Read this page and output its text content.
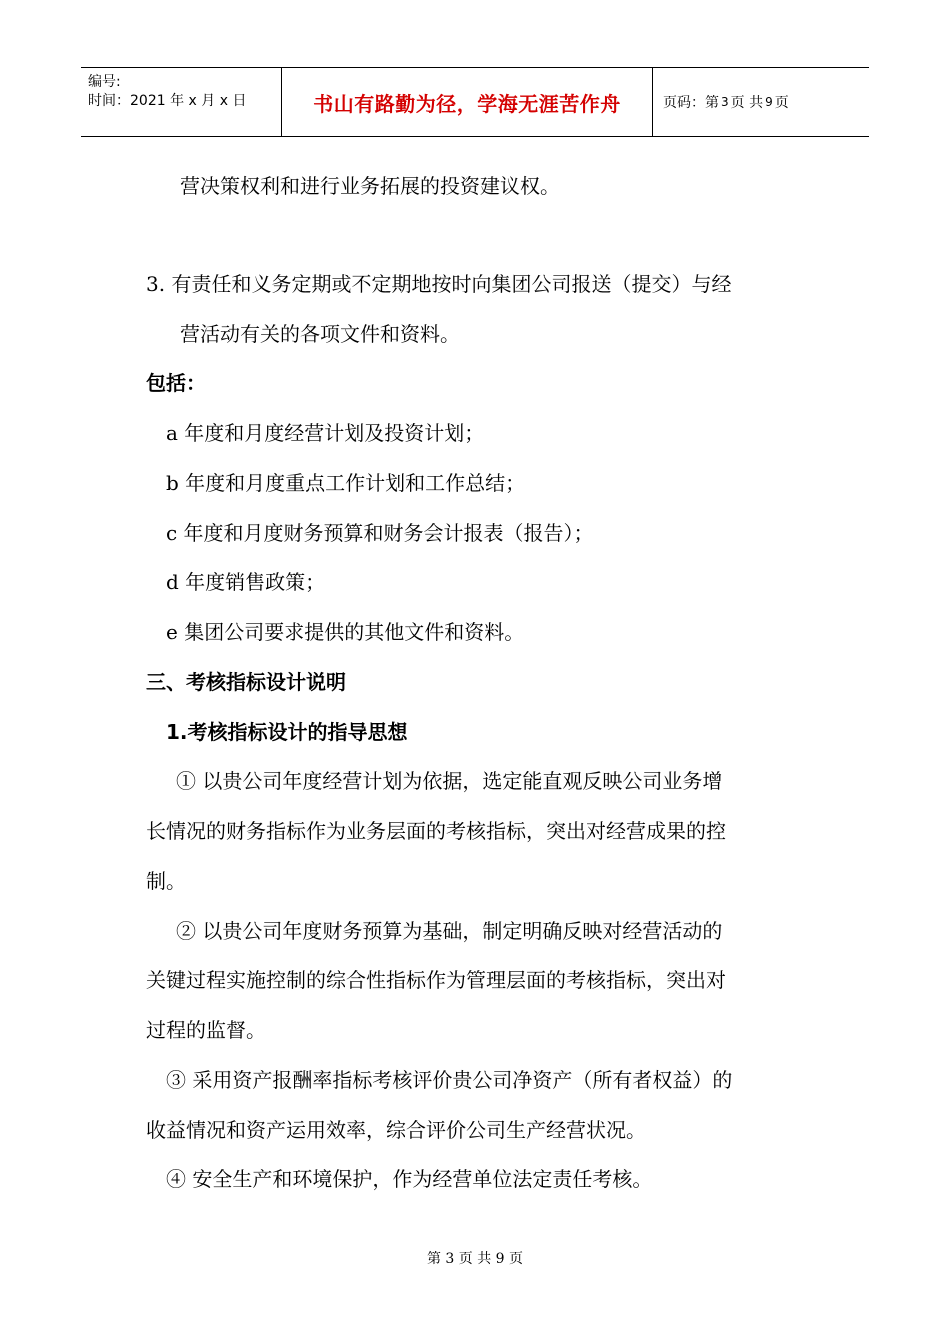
编号:
时间：2021 年 x 月 x 日	书山有路勤为径，学海无涯苦作舟	页码：第 3 页 共 9 页
营决策权利和进行业务拓展的投资建议权。
3. 有责任和义务定期或不定期地按时向集团公司报送（提交）与经
营活动有关的各项文件和资料。
包括：
a 年度和月度经营计划及投资计划；
b 年度和月度重点工作计划和工作总结；
c 年度和月度财务预算和财务会计报表（报告）；
d 年度销售政策；
e 集团公司要求提供的其他文件和资料。
三、考核指标设计说明
1.考核指标设计的指导思想
① 以贵公司年度经营计划为依据，选定能直观反映公司业务增
长情况的财务指标作为业务层面的考核指标，突出对经营成果的控
制。
② 以贵公司年度财务预算为基础，制定明确反映对经营活动的
关键过程实施控制的综合性指标作为管理层面的考核指标，突出对
过程的监督。
③ 采用资产报酬率指标考核评价贵公司净资产（所有者权益）的
收益情况和资产运用效率，综合评价公司生产经营状况。
④ 安全生产和环境保护，作为经营单位法定责任考核。
第 3 页 共 9 页
